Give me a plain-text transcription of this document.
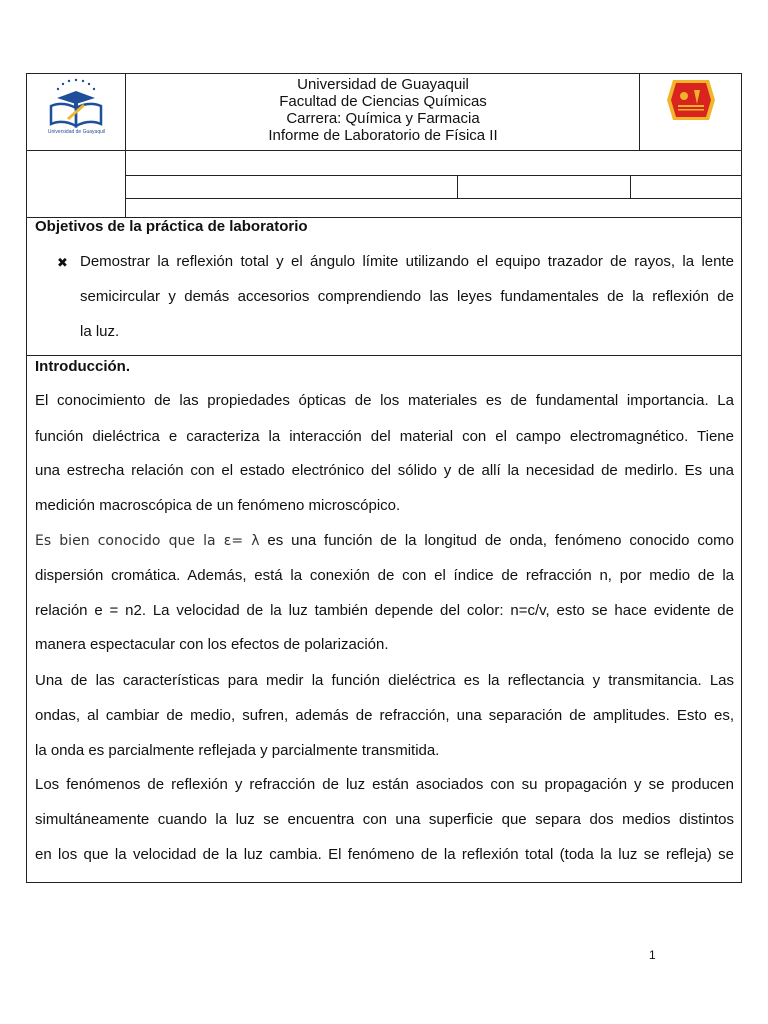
Universidad de Guayaquil
Universidad de Guayaquil
Facultad de Ciencias Químicas
Carrera: Química y Farmacia
Informe de Laboratorio de Física II
Objetivos de la práctica de laboratorio
✖ Demostrar la reflexión total y el ángulo límite utilizando el equipo trazador de rayos, la lente
semicircular y demás accesorios comprendiendo las leyes fundamentales de la reflexión de
la luz.
Introducción.
El conocimiento de las propiedades ópticas de los materiales es de fundamental importancia. La
función dieléctrica e caracteriza la interacción del material con el campo electromagnético. Tiene
una estrecha relación con el estado electrónico del sólido y de allí la necesidad de medirlo. Es una
medición macroscópica de un fenómeno microscópico.
Es bien conocido que la ε= λ es una función de la longitud de onda, fenómeno conocido como
dispersión cromática. Además, está la conexión de con el índice de refracción n, por medio de la
relación e = n2. La velocidad de la luz también depende del color: n=c/v, esto se hace evidente de
manera espectacular con los efectos de polarización.
Una de las características para medir la función dieléctrica es la reflectancia y transmitancia. Las
ondas, al cambiar de medio, sufren, además de refracción, una separación de amplitudes. Esto es,
la onda es parcialmente reflejada y parcialmente transmitida.
Los fenómenos de reflexión y refracción de luz están asociados con su propagación y se producen
simultáneamente cuando la luz se encuentra con una superficie que separa dos medios distintos
en los que la velocidad de la luz cambia. El fenómeno de la reflexión total (toda la luz se refleja) se
1
